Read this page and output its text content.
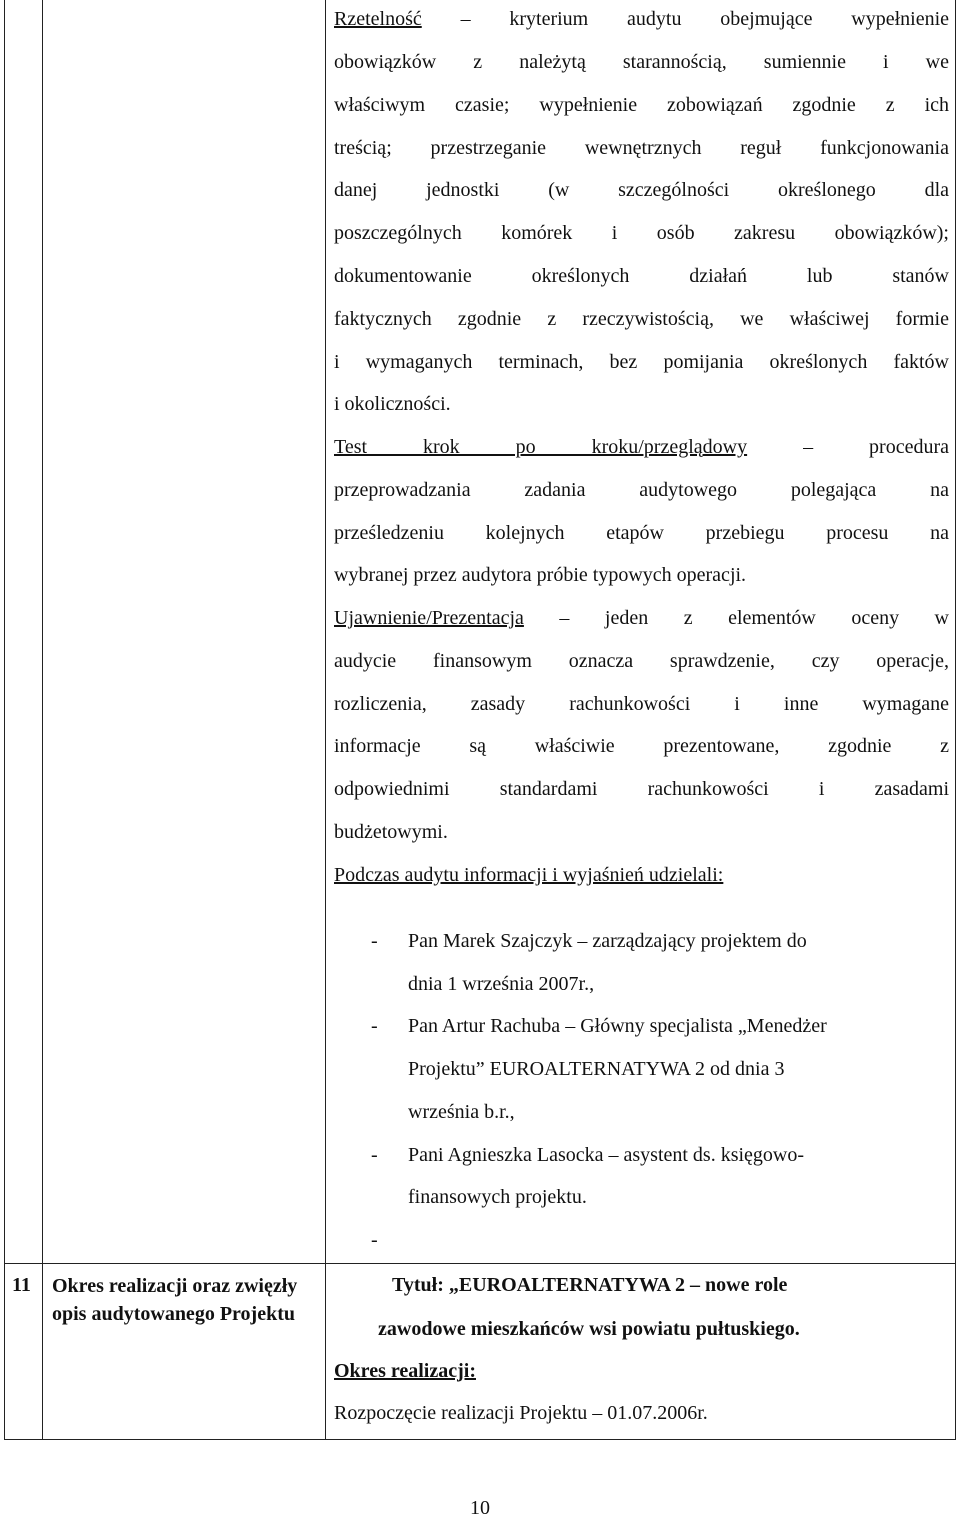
Rzetelność – kryterium audytu obejmujące wypełnienie
obowiązków z należytą starannością, sumiennie i we
właściwym czasie; wypełnienie zobowiązań zgodnie z ich
treścią; przestrzeganie wewnętrznych reguł funkcjonowania
danej jednostki (w szczególności określonego dla
poszczególnych komórek i osób zakresu obowiązków);
dokumentowanie określonych działań lub stanów
faktycznych zgodnie z rzeczywistością, we właściwej formie
i wymaganych terminach, bez pomijania określonych faktów
i okoliczności.
Test krok po kroku/przeglądowy	– procedura
przeprowadzania zadania audytowego polegająca na
prześledzeniu kolejnych etapów przebiegu procesu na
wybranej przez audytora próbie typowych operacji.
Ujawnienie/Prezentacja – jeden z elementów oceny w
audycie finansowym oznacza sprawdzenie, czy operacje,
rozliczenia, zasady rachunkowości i inne wymagane
informacje są właściwie prezentowane, zgodnie z
odpowiednimi standardami rachunkowości i zasadami
budżetowymi.
Podczas audytu informacji i wyjaśnień udzielali:
- Pan Marek Szajczyk – zarządzający projektem do
dnia 1 września 2007r.,
- Pan Artur Rachuba – Główny specjalista „Menedżer
Projektu” EUROALTERNATYWA 2 od dnia 3
września b.r.,
- Pani Agnieszka Lasocka – asystent ds. księgowo-
finansowych projektu.
-
11 Okres realizacji oraz zwięzły opis audytowanego Projektu
Tytuł: „EUROALTERNATYWA 2 – nowe role
zawodowe mieszkańców wsi powiatu pułtuskiego.
Okres realizacji:
Rozpoczęcie realizacji Projektu – 01.07.2006r.
10
